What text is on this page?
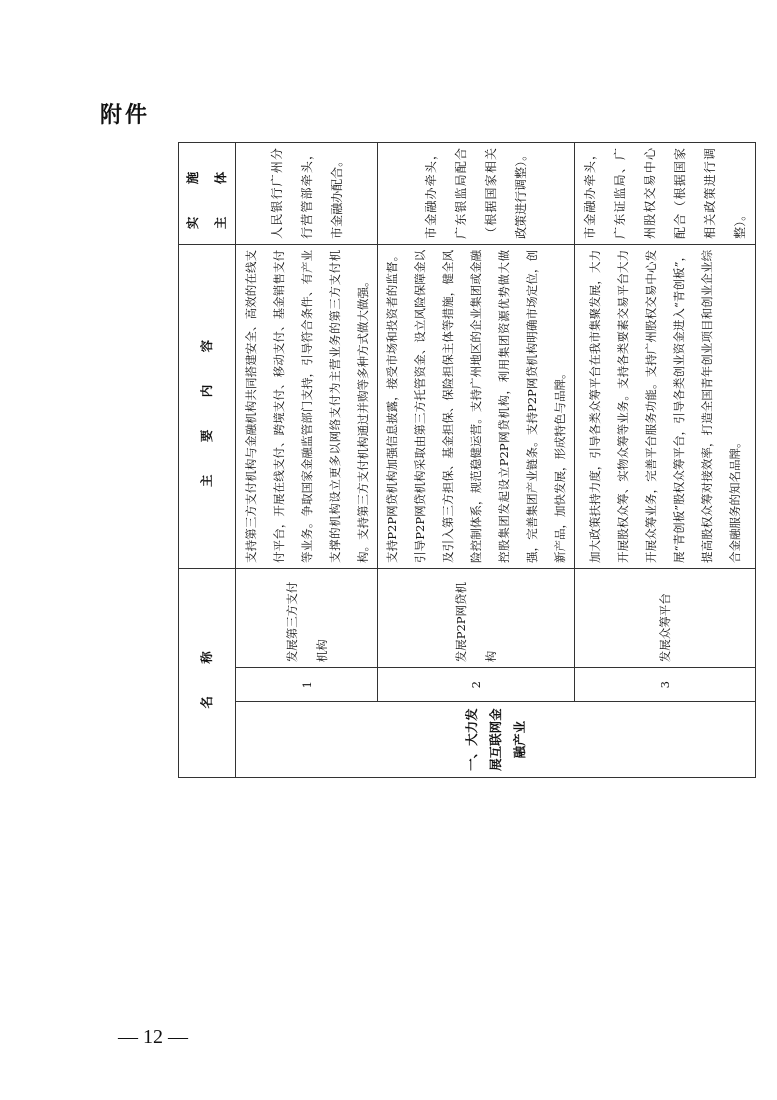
附件
名 称			主 要 内 容	实 施 主 体
一、大力发展互联网金融产业	1	发展第三方支付机构	支持第三方支付机构与金融机构共同搭建安全、高效的在线支付平台，开展在线支付、跨境支付、移动支付、基金销售支付等业务。争取国家金融监管部门支持，引导符合条件、有产业支撑的机构设立更多以网络支付为主营业务的第三方支付机构。支持第三方支付机构通过并购等多种方式做大做强。	人民银行广州分行营管部牵头，市金融办配合。
	2	发展P2P网贷机构	支持P2P网贷机构加强信息披露，接受市场和投资者的监督。引导P2P网贷机构采取由第三方托管资金、设立风险保障金以及引入第三方担保、基金担保、保险担保主体等措施，健全风险控制体系，规范稳健运营。支持广州地区的企业集团或金融控股集团发起设立P2P网贷机构，利用集团资源优势做大做强，完善集团产业链条。支持P2P网贷机构明确市场定位，创新产品，加快发展，形成特色与品牌。	市金融办牵头，广东银监局配合（根据国家相关政策进行调整）。
	3	发展众筹平台	加大政策扶持力度，引导各类众筹平台在我市集聚发展，大力开展股权众筹、实物众筹等业务。支持各类要素交易平台大力开展众筹业务，完善平台服务功能。支持广州股权交易中心发展“青创板”股权众筹平台，引导各类创业资金进入“青创板”，提高股权众筹对接效率，打造全国青年创业项目和创业企业综合金融服务的知名品牌。	市金融办牵头，广东证监局、广州股权交易中心配合（根据国家相关政策进行调整）。
— 12 —
